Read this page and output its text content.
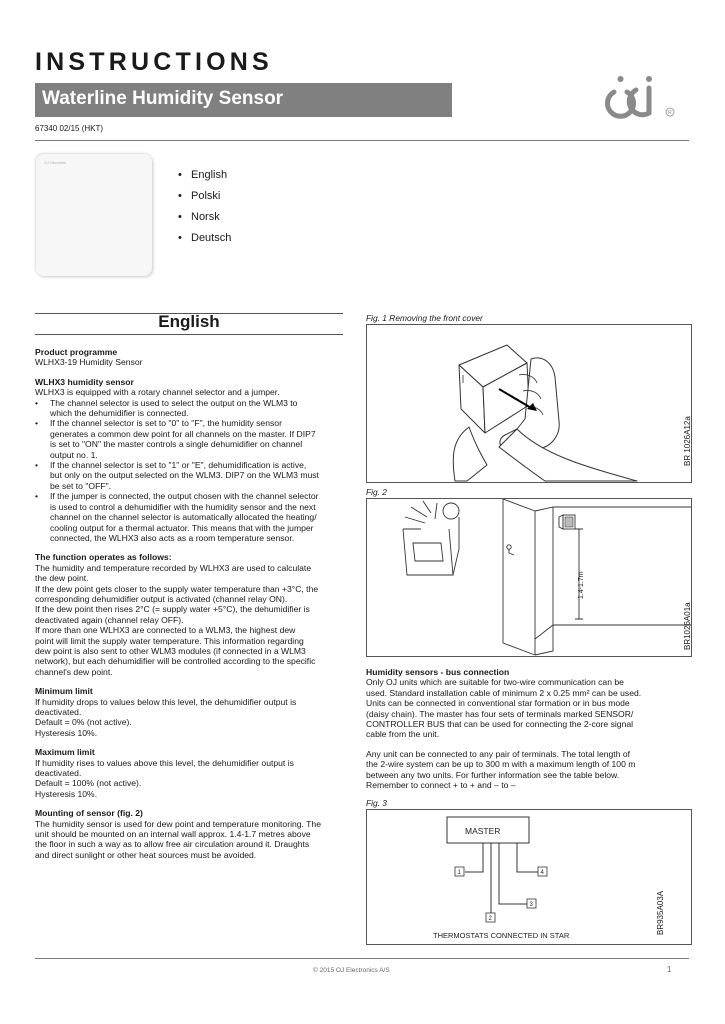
INSTRUCTIONS
Waterline Humidity Sensor
R
67340 02/15 (HKT)
OJ Microline
• English
• Polski
• Norsk
• Deutsch
English

Product programme

WLHX3-19 Humidity Sensor

WLHX3 humidity sensor

WLHX3 is equipped with a rotary channel selector and a jumper.

• The channel selector is used to select the output on the WLM3 to

which the dehumidifier is connected.

• If the channel selector is set to "0" to "F", the humidity sensor

generates a common dew point for all channels on the master. If DIP7

is set to "ON" the master controls a single dehumidifier on channel

output no. 1.

• If the channel selector is set to "1" or "E", dehumidification is active,

but only on the output selected on the WLM3. DIP7 on the WLM3 must

be set to "OFF".

• If the jumper is connected, the output chosen with the channel selector

is used to control a dehumidifier with the humidity sensor and the next

channel on the channel selector is automatically allocated the heating/

cooling output for a thermal actuator. This means that with the jumper

connected, the WLHX3 also acts as a room temperature sensor.

The function operates as follows:

The humidity and temperature recorded by WLHX3 are used to calculate

the dew point.

If the dew point gets closer to the supply water temperature than +3°C, the

corresponding dehumidifier output is activated (channel relay ON).

If the dew point then rises 2°C (= supply water +5°C), the dehumidifier is

deactivated again (channel relay OFF).

If more than one WLHX3 are connected to a WLM3, the highest dew

point will limit the supply water temperature. This information regarding

dew point is also sent to other WLM3 modules (if connected in a WLM3

network), but each dehumidifier will be controlled according to the specific

channel's dew point.

Minimum limit

If humidity drops to values below this level, the dehumidifier output is

deactivated.

Default = 0% (not active).

Hysteresis 10%.

Maximum limit

If humidity rises to values above this level, the dehumidifier output is

deactivated.

Default = 100% (not active).

Hysteresis 10%.

Mounting of sensor (fig. 2)

The humidity sensor is used for dew point and temperature monitoring. The

unit should be mounted on an internal wall approx. 1.4-1.7 metres above

the floor in such a way as to allow free air circulation around it. Draughts

and direct sunlight or other heat sources must be avoided.

Fig. 1 Removing the front cover
BR 1026A12a
Fig. 2
1.4-1.7m
BR1026A01a

Humidity sensors - bus connection

Only OJ units which are suitable for two-wire communication can be

used. Standard installation cable of minimum 2 x 0.25 mm² can be used.

Units can be connected in conventional star formation or in bus mode

(daisy chain). The master has four sets of terminals marked SENSOR/

CONTROLLER BUS that can be used for connecting the 2-core signal

cable from the unit.

Any unit can be connected to any pair of terminals. The total length of

the 2-wire system can be up to 300 m with a maximum length of 100 m

between any two units. For further information see the table below.

Remember to connect + to + and – to –

Fig. 3
MASTER
1
2
3
4
THERMOSTATS CONNECTED IN STAR
BR935A03A
© 2015 OJ Electronics A/S	1
